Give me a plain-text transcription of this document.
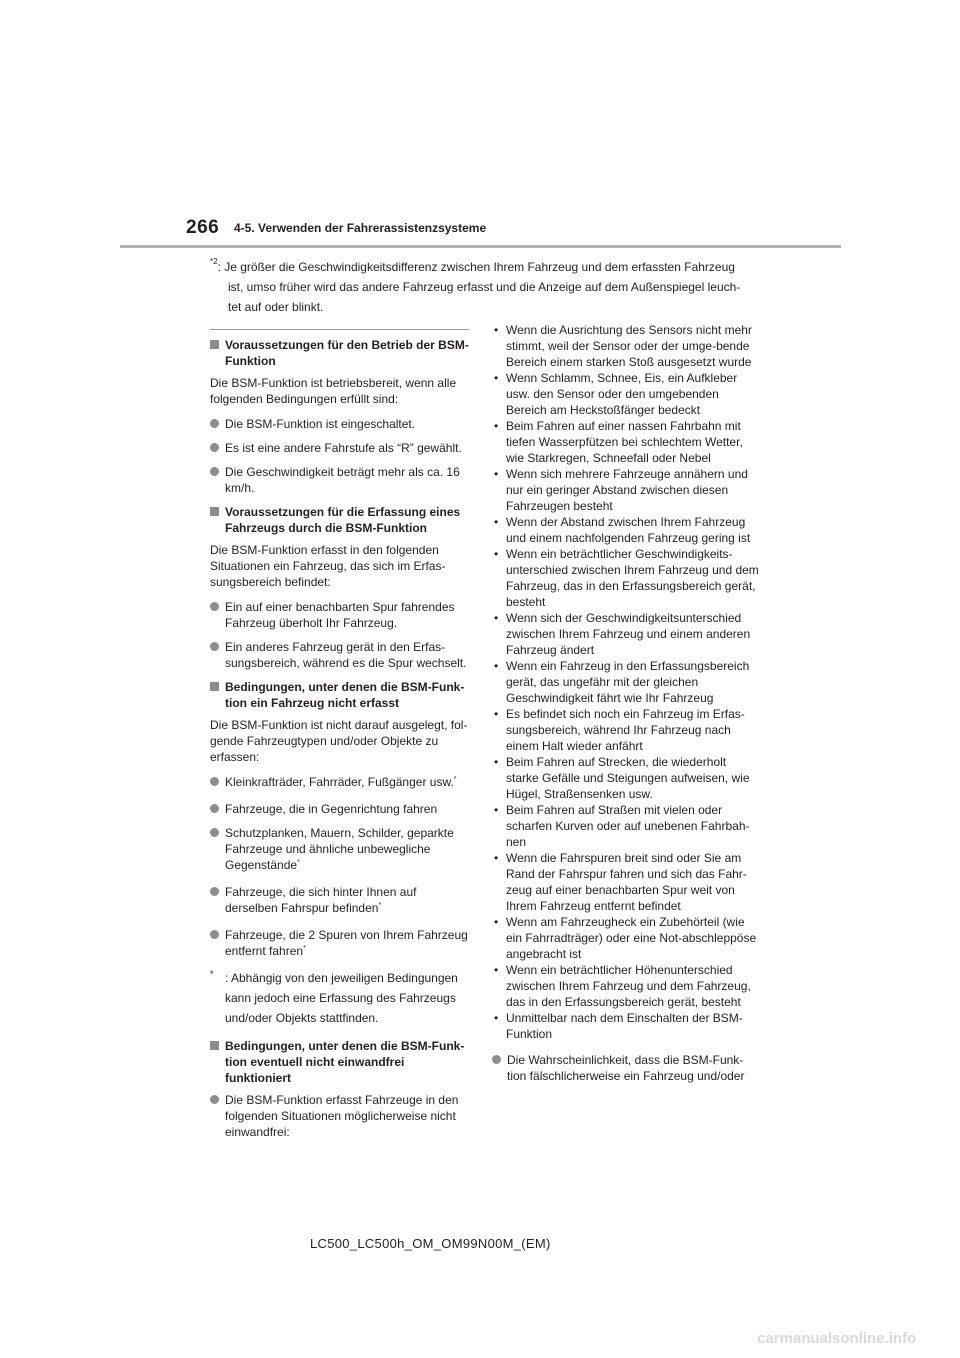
266 4-5. Verwenden der Fahrerassistenzsysteme
$^{*2}$: Je größer die Geschwindigkeitsdifferenz zwischen Ihrem Fahrzeug und dem erfassten Fahrzeug
ist, umso früher wird das andere Fahrzeug erfasst und die Anzeige auf dem Außenspiegel leuch-
tet auf oder blinkt.
Voraussetzungen für den Betrieb der BSM-Funktion
Die BSM-Funktion ist betriebsbereit, wenn alle folgenden Bedingungen erfüllt sind:
Die BSM-Funktion ist eingeschaltet.
Es ist eine andere Fahrstufe als “R” gewählt.
Die Geschwindigkeit beträgt mehr als ca. 16 km/h.
Voraussetzungen für die Erfassung eines Fahrzeugs durch die BSM-Funktion
Die BSM-Funktion erfasst in den folgenden Situationen ein Fahrzeug, das sich im Erfas-sungsbereich befindet:
Ein auf einer benachbarten Spur fahrendes Fahrzeug überholt Ihr Fahrzeug.
Ein anderes Fahrzeug gerät in den Erfas-sungsbereich, während es die Spur wechselt.
Bedingungen, unter denen die BSM-Funk-tion ein Fahrzeug nicht erfasst
Die BSM-Funktion ist nicht darauf ausgelegt, fol-gende Fahrzeugtypen und/oder Objekte zu erfassen:
Kleinkrafträder, Fahrräder, Fußgänger usw.*
Fahrzeuge, die in Gegenrichtung fahren
Schutzplanken, Mauern, Schilder, geparkte Fahrzeuge und ähnliche unbewegliche Gegenstände*
Fahrzeuge, die sich hinter Ihnen auf derselben Fahrspur befinden*
Fahrzeuge, die 2 Spuren von Ihrem Fahrzeug entfernt fahren*
* : Abhängig von den jeweiligen Bedingungen kann jedoch eine Erfassung des Fahrzeugs und/oder Objekts stattfinden.
Bedingungen, unter denen die BSM-Funk-tion eventuell nicht einwandfrei funktioniert
Die BSM-Funktion erfasst Fahrzeuge in den folgenden Situationen möglicherweise nicht einwandfrei:
• Wenn die Ausrichtung des Sensors nicht mehr stimmt, weil der Sensor oder der umge-bende Bereich einem starken Stoß ausgesetzt wurde
• Wenn Schlamm, Schnee, Eis, ein Aufkleber usw. den Sensor oder den umgebenden Bereich am Heckstoßfänger bedeckt
• Beim Fahren auf einer nassen Fahrbahn mit tiefen Wasserpfützen bei schlechtem Wetter, wie Starkregen, Schneefall oder Nebel
• Wenn sich mehrere Fahrzeuge annähern und nur ein geringer Abstand zwischen diesen Fahrzeugen besteht
• Wenn der Abstand zwischen Ihrem Fahrzeug und einem nachfolgenden Fahrzeug gering ist
• Wenn ein beträchtlicher Geschwindigkeits-unterschied zwischen Ihrem Fahrzeug und dem Fahrzeug, das in den Erfassungsbereich gerät, besteht
• Wenn sich der Geschwindigkeitsunterschied zwischen Ihrem Fahrzeug und einem anderen Fahrzeug ändert
• Wenn ein Fahrzeug in den Erfassungsbereich gerät, das ungefähr mit der gleichen Geschwindigkeit fährt wie Ihr Fahrzeug
• Es befindet sich noch ein Fahrzeug im Erfas-sungsbereich, während Ihr Fahrzeug nach einem Halt wieder anfährt
• Beim Fahren auf Strecken, die wiederholt starke Gefälle und Steigungen aufweisen, wie Hügel, Straßensenken usw.
• Beim Fahren auf Straßen mit vielen oder scharfen Kurven oder auf unebenen Fahrbah-nen
• Wenn die Fahrspuren breit sind oder Sie am Rand der Fahrspur fahren und sich das Fahr-zeug auf einer benachbarten Spur weit von Ihrem Fahrzeug entfernt befindet
• Wenn am Fahrzeugheck ein Zubehörteil (wie ein Fahrradträger) oder eine Not-abschleppöse angebracht ist
• Wenn ein beträchtlicher Höhenunterschied zwischen Ihrem Fahrzeug und dem Fahrzeug, das in den Erfassungsbereich gerät, besteht
• Unmittelbar nach dem Einschalten der BSM-Funktion
Die Wahrscheinlichkeit, dass die BSM-Funk-tion fälschlicherweise ein Fahrzeug und/oder
LC500_LC500h_OM_OM99N00M_(EM)
carmanualsonline.info
